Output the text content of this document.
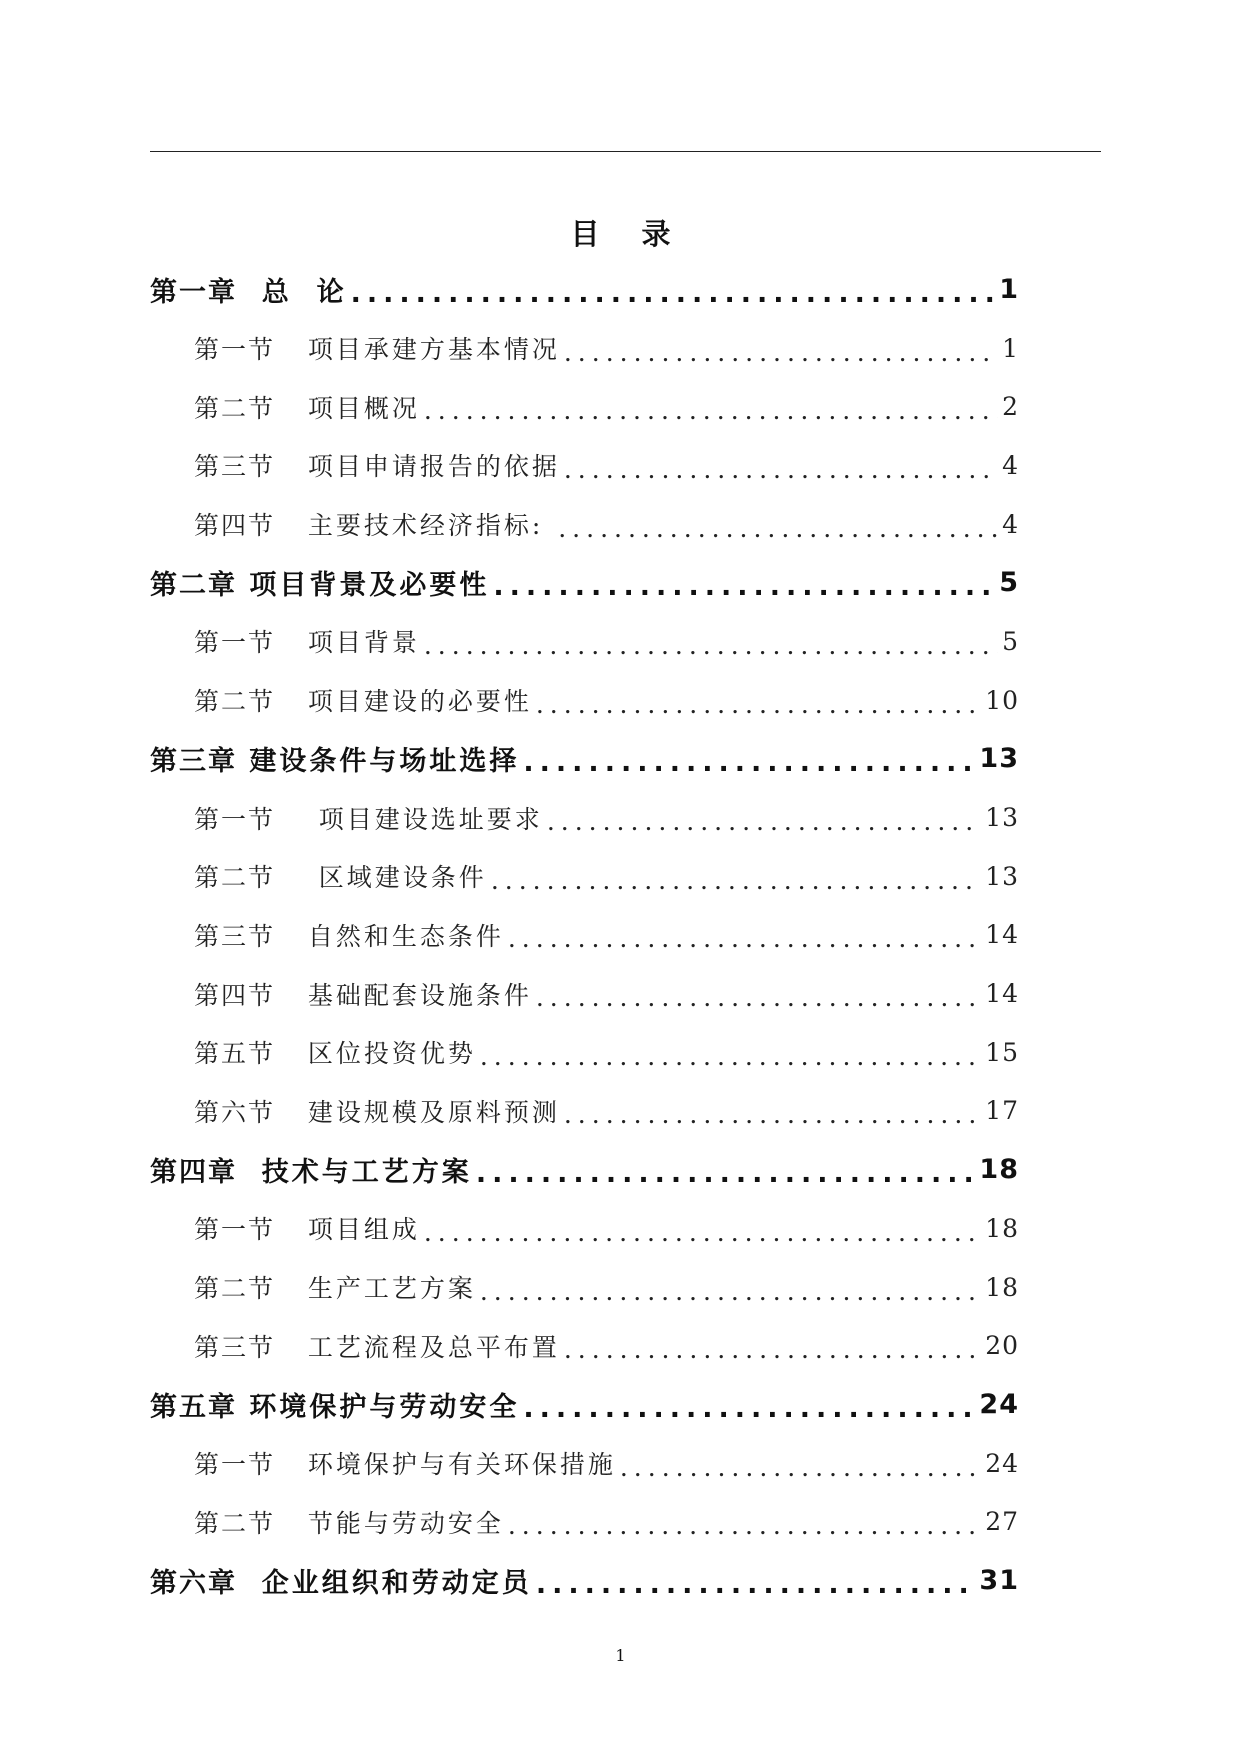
目 录
第一章 总  论 .....	1
第一节 项目承建方基本情况 .....	1
第二节 项目概况 .....	2
第三节 项目申请报告的依据 .....	4
第四节 主要技术经济指标: .....	4
第二章 项目背景及必要性 .....	5
第一节 项目背景 .....	5
第二节 项目建设的必要性 .....	10
第三章 建设条件与场址选择 .....	13
第一节 项目建设选址要求 .....	13
第二节 区域建设条件 .....	13
第三节 自然和生态条件 .....	14
第四节 基础配套设施条件 .....	14
第五节 区位投资优势 .....	15
第六节 建设规模及原料预测 .....	17
第四章 技术与工艺方案 .....	18
第一节 项目组成 .....	18
第二节 生产工艺方案 .....	18
第三节 工艺流程及总平布置 .....	20
第五章 环境保护与劳动安全 .....	24
第一节 环境保护与有关环保措施 .....	24
第二节 节能与劳动安全 .....	27
第六章 企业组织和劳动定员 .....	31
1
